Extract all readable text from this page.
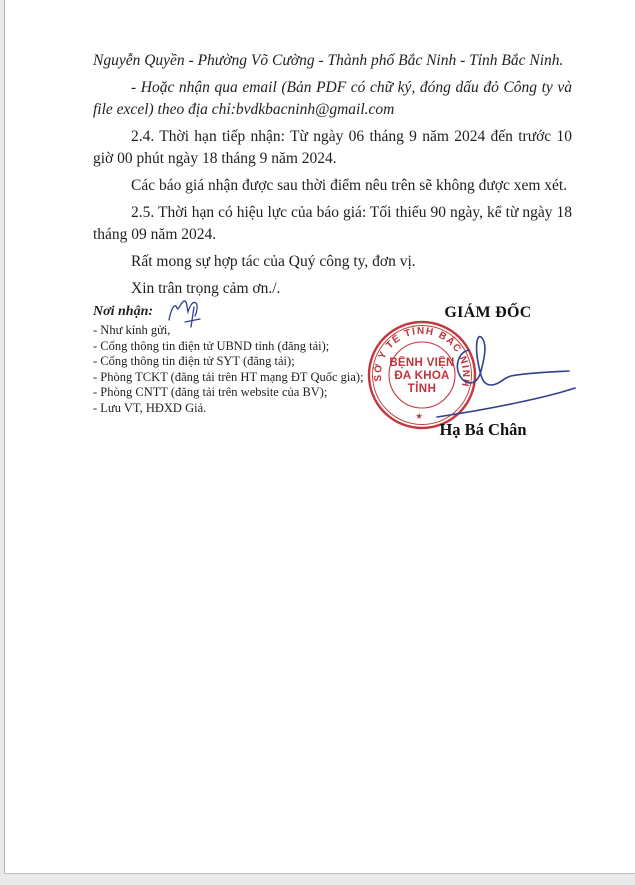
Nguyễn Quyền - Phường Võ Cường - Thành phố Bắc Ninh - Tỉnh Bắc Ninh.

- Hoặc nhận qua email (Bản PDF có chữ ký, đóng dấu đỏ Công ty và file excel) theo địa chỉ:bvdkbacninh@gmail.com

2.4. Thời hạn tiếp nhận: Từ ngày 06 tháng 9 năm 2024 đến trước 10 giờ 00 phút ngày 18 tháng 9 năm 2024.

Các báo giá nhận được sau thời điểm nêu trên sẽ không được xem xét.

2.5. Thời hạn có hiệu lực của báo giá: Tối thiểu 90 ngày, kể từ ngày 18 tháng 09 năm 2024.

Rất mong sự hợp tác của Quý công ty, đơn vị.

Xin trân trọng cảm ơn./.

Nơi nhận:
- Như kính gửi,
- Cổng thông tin điện tử UBND tỉnh (đăng tải);
- Cổng thông tin điện tử SYT (đăng tải);
- Phòng TCKT (đăng tải trên HT mạng ĐT Quốc gia);
- Phòng CNTT (đăng tải trên website của BV);
- Lưu VT, HĐXD Giá.
GIÁM ĐỐC
SỞ Y TẾ TỈNH BẮC NINH
★
BỆNH VIỆN
ĐA KHOA
TỈNH
Hạ Bá Chân
